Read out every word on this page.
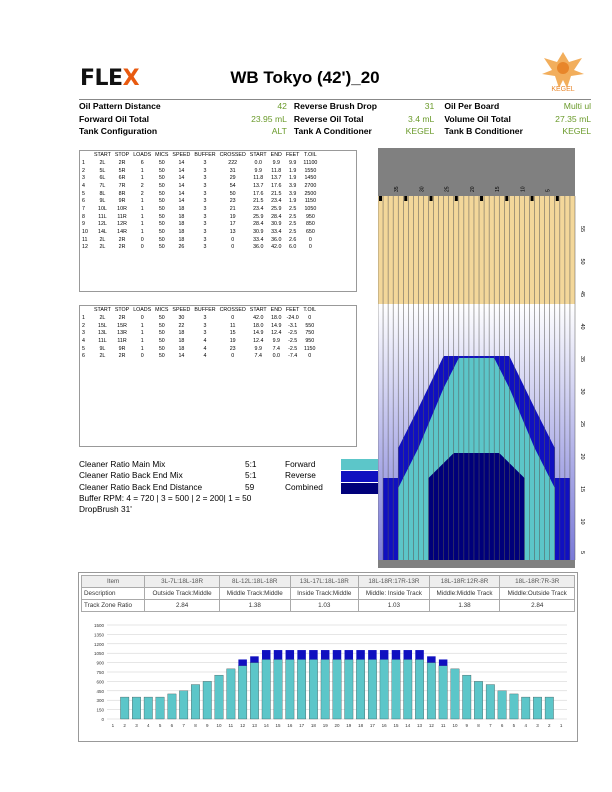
FLEX	WB Tokyo (42')_20
KEGEL
Oil Pattern Distance	42 Reverse Brush Drop	31	Oil Per Board	Multi ul
Forward Oil Total	23.95 mL Reverse Oil Total	3.4 mL	Volume Oil Total	27.35 mL
Tank Configuration	ALT Tank A Conditioner	KEGEL	Tank B Conditioner	KEGEL
	START	STOP	LOADS	MICS	SPEED	BUFFER	CROSSED	START	END	FEET	T.OIL
1	2L	2R	6	50	14	3	222	0.0	9.9	9.9	11100
2	5L	5R	1	50	14	3	31	9.9	11.8	1.9	1550
3	6L	6R	1	50	14	3	29	11.8	13.7	1.9	1450
4	7L	7R	2	50	14	3	54	13.7	17.6	3.9	2700
5	8L	8R	2	50	14	3	50	17.6	21.5	3.9	2500
6	9L	9R	1	50	14	3	23	21.5	23.4	1.9	1150
7	10L	10R	1	50	18	3	21	23.4	25.9	2.5	1050
8	11L	11R	1	50	18	3	19	25.9	28.4	2.5	950
9	12L	12R	1	50	18	3	17	28.4	30.9	2.5	850
10	14L	14R	1	50	18	3	13	30.9	33.4	2.5	650
11	2L	2R	0	50	18	3	0	33.4	36.0	2.6	0
12	2L	2R	0	50	26	3	0	36.0	42.0	6.0	0
	START	STOP	LOADS	MICS	SPEED	BUFFER	CROSSED	START	END	FEET	T.OIL
1	2L	2R	0	50	30	3	0	42.0	18.0	-24.0	0
2	15L	15R	1	50	22	3	11	18.0	14.9	-3.1	550
3	13L	13R	1	50	18	3	15	14.9	12.4	-2.5	750
4	11L	11R	1	50	18	4	19	12.4	9.9	-2.5	950
5	9L	9R	1	50	18	4	23	9.9	7.4	-2.5	1150
6	2L	2R	0	50	14	4	0	7.4	0.0	-7.4	0
Cleaner Ratio Main Mix
Cleaner Ratio Back End Mix
Cleaner Ratio Back End Distance
Buffer RPM: 4 = 720 | 3 = 500 | 2 = 200| 1 = 50
DropBrush 31'
5:1
5:1
59
Forward
Reverse
Combined
35	30	25	20	15	10	5
55
50
45
40
35
30
25
20
15
10
5
Item	3L-7L:18L-18R	8L-12L:18L-18R	13L-17L:18L-18R	18L-18R:17R-13R	18L-18R:12R-8R	18L-18R:7R-3R
Description	Outside Track:Middle	Middle Track:Middle	Inside Track:Middle	Middle: Inside Track	Middle:Middle Track	Middle:Outside Track
Track Zone Ratio	2.84	1.38	1.03	1.03	1.38	2.84
1500
1350
1200
1050
900
750
600
450
300
150
0
1 2 3 4 5 6 7 8 9 10 11 12 13 14 15 16 17 18 19 20 19 18 17 16 15 14 13 12 11 10 9 8 7 6 5 4 3 2 1
